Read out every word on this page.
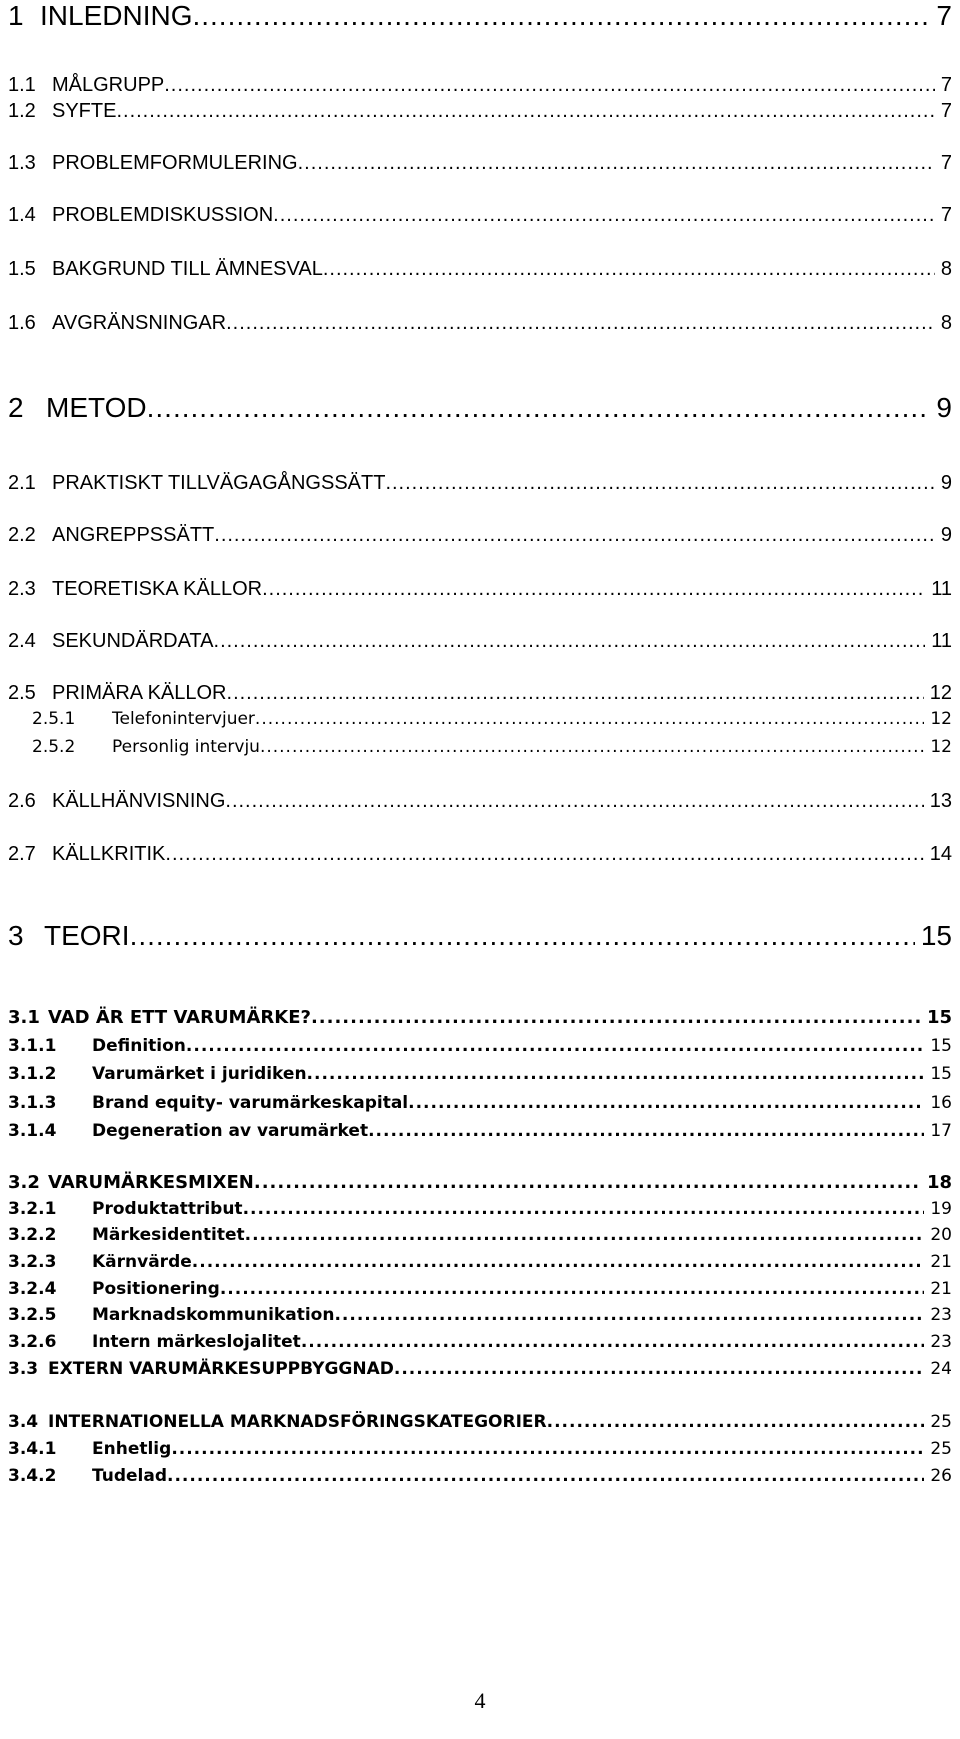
1 INLEDNING .....	7
1.1 MÅLGRUPP .....	7
1.2 SYFTE .....	7
1.3 PROBLEMFORMULERING .....	7
1.4 PROBLEMDISKUSSION .....	7
1.5 BAKGRUND TILL ÄMNESVAL .....	8
1.6 AVGRÄNSNINGAR .....	8
2 METOD .....	9
2.1 PRAKTISKT TILLVÄGAGÅNGSSÄTT .....	9
2.2 ANGREPPSSÄTT .....	9
2.3 TEORETISKA KÄLLOR .....	11
2.4 SEKUNDÄRDATA .....	11
2.5 PRIMÄRA KÄLLOR .....	12
2.5.1 Telefonintervjuer .....	12
2.5.2 Personlig intervju .....	12
2.6 KÄLLHÄNVISNING .....	13
2.7 KÄLLKRITIK .....	14
3 TEORI .....	15
3.1 VAD ÄR ETT VARUMÄRKE? .....	15
3.1.1 Definition .....	15
3.1.2 Varumärket i juridiken .....	15
3.1.3 Brand equity- varumärkeskapital .....	16
3.1.4 Degeneration av varumärket .....	17
3.2 VARUMÄRKESMIXEN .....	18
3.2.1 Produktattribut .....	19
3.2.2 Märkesidentitet .....	20
3.2.3 Kärnvärde .....	21
3.2.4 Positionering .....	21
3.2.5 Marknadskommunikation .....	23
3.2.6 Intern märkeslojalitet .....	23
3.3 EXTERN VARUMÄRKESUPPBYGGNAD .....	24
3.4 INTERNATIONELLA MARKNADSFÖRINGSKATEGORIER .....	25
3.4.1 Enhetlig .....	25
3.4.2 Tudelad .....	26
4
